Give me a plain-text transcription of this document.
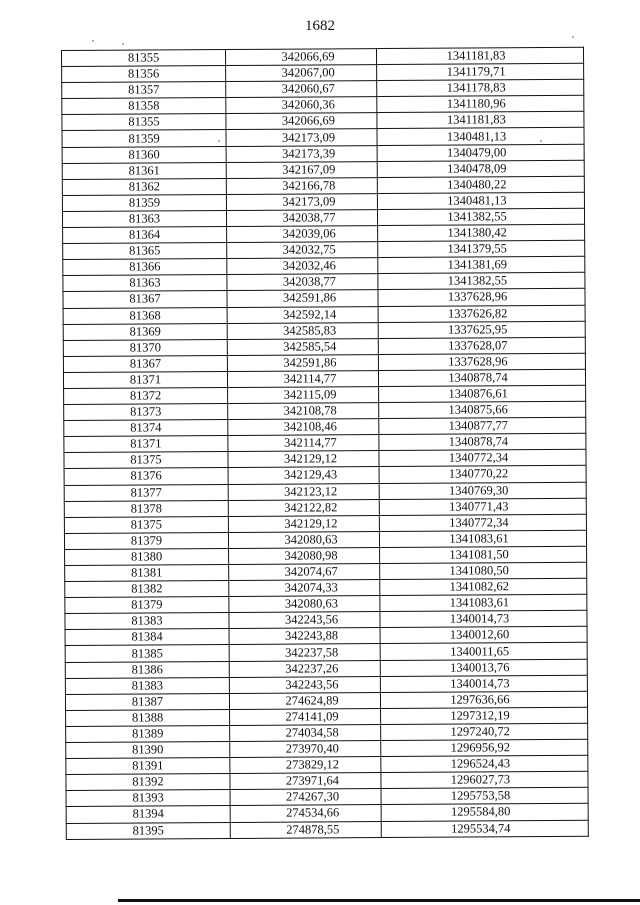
1682
81355	342066,69	1341181,83
81356	342067,00	1341179,71
81357	342060,67	1341178,83
81358	342060,36	1341180,96
81355	342066,69	1341181,83
81359	342173,09	1340481,13
81360	342173,39	1340479,00
81361	342167,09	1340478,09
81362	342166,78	1340480,22
81359	342173,09	1340481,13
81363	342038,77	1341382,55
81364	342039,06	1341380,42
81365	342032,75	1341379,55
81366	342032,46	1341381,69
81363	342038,77	1341382,55
81367	342591,86	1337628,96
81368	342592,14	1337626,82
81369	342585,83	1337625,95
81370	342585,54	1337628,07
81367	342591,86	1337628,96
81371	342114,77	1340878,74
81372	342115,09	1340876,61
81373	342108,78	1340875,66
81374	342108,46	1340877,77
81371	342114,77	1340878,74
81375	342129,12	1340772,34
81376	342129,43	1340770,22
81377	342123,12	1340769,30
81378	342122,82	1340771,43
81375	342129,12	1340772,34
81379	342080,63	1341083,61
81380	342080,98	1341081,50
81381	342074,67	1341080,50
81382	342074,33	1341082,62
81379	342080,63	1341083,61
81383	342243,56	1340014,73
81384	342243,88	1340012,60
81385	342237,58	1340011,65
81386	342237,26	1340013,76
81383	342243,56	1340014,73
81387	274624,89	1297636,66
81388	274141,09	1297312,19
81389	274034,58	1297240,72
81390	273970,40	1296956,92
81391	273829,12	1296524,43
81392	273971,64	1296027,73
81393	274267,30	1295753,58
81394	274534,66	1295584,80
81395	274878,55	1295534,74
